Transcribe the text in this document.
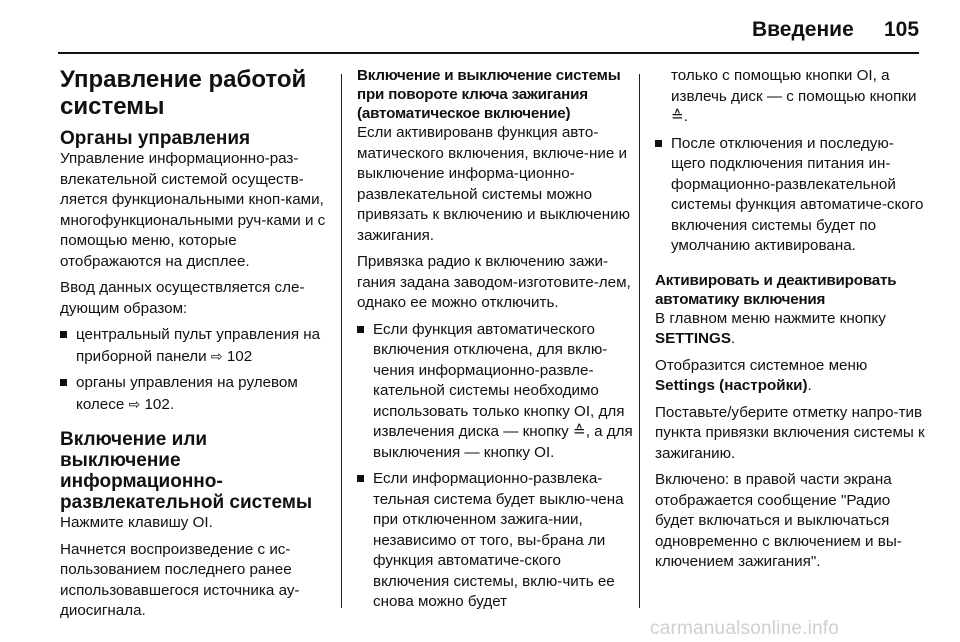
Введение 105
Управление работой
системы
Органы управления

Управление информационно-раз-влекательной системой осуществ-ляется функциональными кноп-ками, многофункциональными руч-ками и с помощью меню, которые отображаются на дисплее.

Ввод данных осуществляется сле-дующим образом:

центральный пульт управления на приборной панели ⇨ 102
органы управления на рулевом колесе ⇨ 102.
Включение или выключение
информационно-
развлекательной системы

Нажмите клавишу OI.

Начнется воспроизведение с ис-пользованием последнего ранее использовавшегося источника ау-диосигнала.

Включение и выключение системы
при повороте ключа зажигания
(автоматическое включение)

Если активированв функция авто-матического включения, включе-ние и выключение информа-ционно-развлекательной системы можно привязать к включению и выключению зажигания.

Привязка радио к включению зажи-гания задана заводом-изготовите-лем, однако ее можно отключить.

Если функция автоматического включения отключена, для вклю-чения информационно-развле-кательной системы необходимо использовать только кнопку OI, для извлечения диска — кнопку ≙, а для выключения — кнопку OI.
Если информационно-развлека-тельная система будет выклю-чена при отключенном зажига-нии, независимо от того, вы-брана ли функция автоматиче-ского включения системы, вклю-чить ее снова можно будет
только с помощью кнопки OI, а извлечь диск — с помощью кнопки ≙.
После отключения и последую-щего подключения питания ин-формационно-развлекательной системы функция автоматиче-ского включения системы будет по умолчанию активирована.
Активировать и деактивировать
автоматику включения

В главном меню нажмите кнопку SETTINGS.

Отобразится системное меню Settings (настройки).

Поставьте/уберите отметку напро-тив пункта привязки включения системы к зажиганию.

Включено: в правой части экрана отображается сообщение "Радио будет включаться и выключаться одновременно с включением и вы-ключением зажигания".

carmanualsonline.info
